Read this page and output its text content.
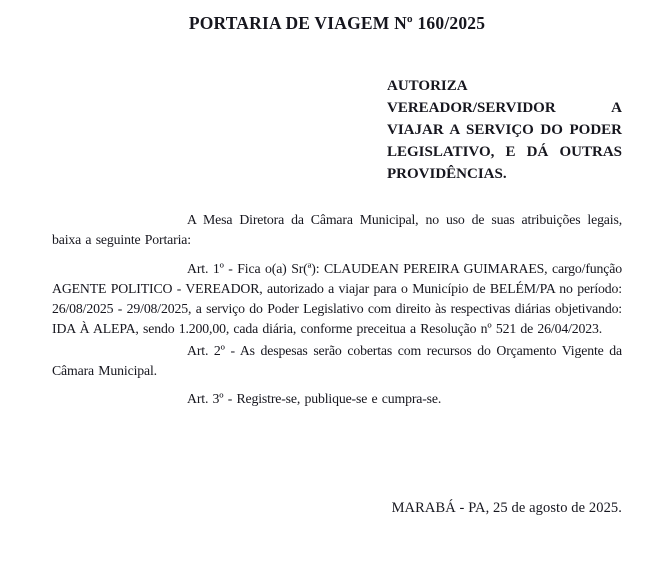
PORTARIA DE VIAGEM Nº 160/2025
AUTORIZA VEREADOR/SERVIDOR A VIAJAR A SERVIÇO DO PODER LEGISLATIVO, E DÁ OUTRAS PROVIDÊNCIAS.

A Mesa Diretora da Câmara Municipal, no uso de suas atribuições legais, baixa a seguinte Portaria:

Art. 1º - Fica o(a) Sr(ª): CLAUDEAN PEREIRA GUIMARAES, cargo/função AGENTE POLITICO - VEREADOR, autorizado a viajar para o Município de BELÉM/PA no período: 26/08/2025 - 29/08/2025, a serviço do Poder Legislativo com direito às respectivas diárias objetivando: IDA À ALEPA, sendo 1.200,00, cada diária, conforme preceitua a Resolução nº 521 de 26/04/2023.

Art. 2º - As despesas serão cobertas com recursos do Orçamento Vigente da Câmara Municipal.

Art. 3º - Registre-se, publique-se e cumpra-se.

MARABÁ - PA, 25 de agosto de 2025.
